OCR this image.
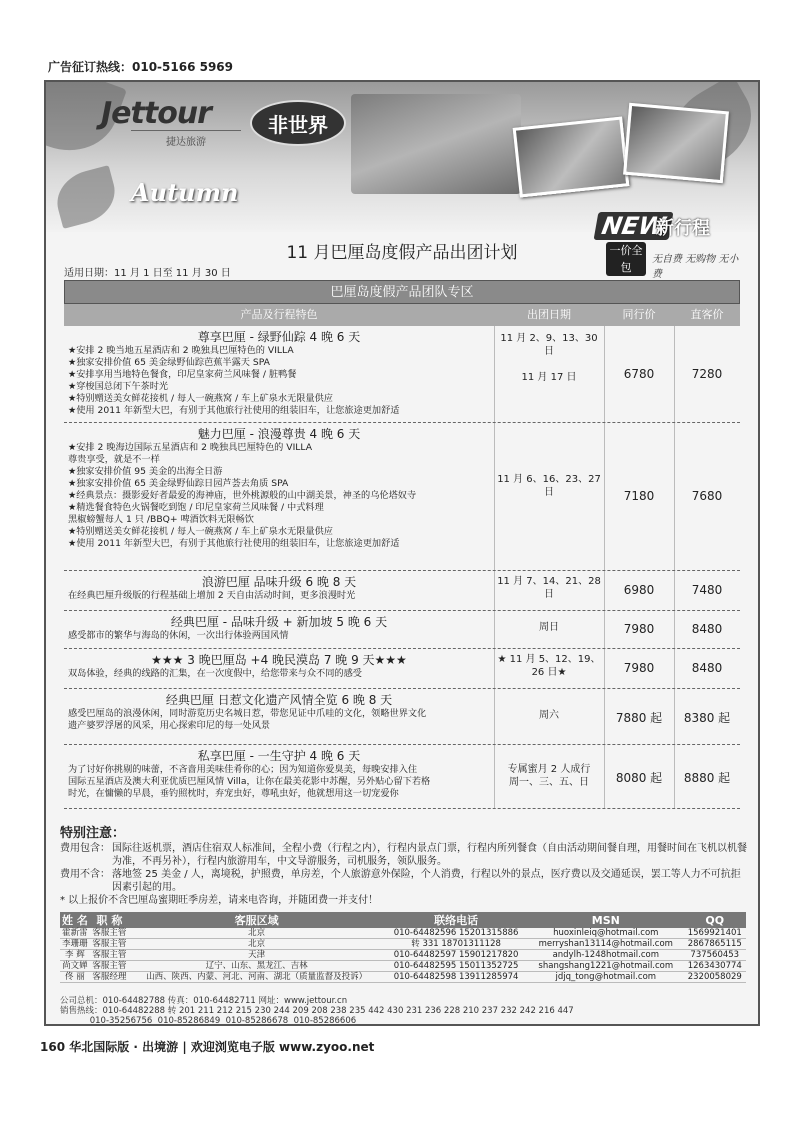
广告征订热线：010-5166 5969
Jettour
捷达旅游
Autumn
非世界
11 月巴厘岛度假产品出团计划
适用日期：11 月 1 日至 11 月 30 日
NEW
新行程
一价全包
无自费 无购物 无小费
巴厘岛度假产品团队专区
产品及行程特色	出团日期	同行价	直客价
尊享巴厘 - 绿野仙踪 4 晚 6 天
★安排 2 晚当地五星酒店和 2 晚独具巴厘特色的 VILLA
★独家安排价值 65 美金绿野仙踪芭蕉半露天 SPA
★安排享用当地特色餐食，印尼皇家荷兰风味餐 / 脏鸭餐
★穿梭国总闭下午茶时光
★特别赠送美女鲜花接机 / 每人一碗燕窝 / 车上矿泉水无限量供应
★使用 2011 年新型大巴，有别于其他旅行社使用的组装旧车，让您旅途更加舒适
11 月 2、9、13、30 日

11 月 17 日	6780	7280
魅力巴厘 - 浪漫尊贵 4 晚 6 天
★安排 2 晚海边国际五星酒店和 2 晚独具巴厘特色的 VILLA
尊贵享受，就是不一样
★独家安排价值 95 美金的出海全日游
★独家安排价值 65 美金绿野仙踪日园芦荟去角质 SPA
★经典景点：摄影爱好者最爱的海神庙，世外桃源般的山中湖美景，神圣的乌伦塔奴寺
★精选餐食特色火锅餐吃到饱 / 印尼皇家荷兰风味餐 / 中式料理
黑椒螃蟹每人 1 只 /BBQ+ 啤酒饮料无限畅饮
★特别赠送美女鲜花接机 / 每人一碗燕窝 / 车上矿泉水无限量供应
★使用 2011 年新型大巴，有别于其他旅行社使用的组装旧车，让您旅途更加舒适
11 月 6、16、23、27 日	7180	7680
浪游巴厘 品味升级 6 晚 8 天
在经典巴厘升级版的行程基础上增加 2 天自由活动时间，更多浪漫时光
11 月 7、14、21、28 日	6980	7480
经典巴厘 - 品味升级 + 新加坡 5 晚 6 天
感受都市的繁华与海岛的休闲，一次出行体验两国风情
周日	7980	8480
★★★ 3 晚巴厘岛 +4 晚民漠岛 7 晚 9 天★★★
双岛体验，经典的线路的汇集，在一次度假中，给您带来与众不同的感受
★ 11 月 5、12、19、26 日★	7980	8480
经典巴厘 日惹文化遗产风情全览 6 晚 8 天
感受巴厘岛的浪漫休闲，同时游览历史名城日惹，带您见证中爪哇的文化，领略世界文化
遗产婆罗浮屠的风采，用心探索印尼的每一处风景
周六	7880 起	8380 起
私享巴厘 - 一生守护 4 晚 6 天
为了讨好你挑剔的味蕾，不吝啬用美味佳肴你的心；因为知道你爱臭美，每晚安排入住
国际五星酒店及澳大利亚优质巴厘风情 Villa，让你在最美花影中苏醒，另外贴心留下若格
时光，在慵懒的早晨，垂钓照枕时，弃宠虫好，尊吼虫好，他就想用这一切宠爱你
专属蜜月 2 人成行
周一、三、五、日	8080 起	8880 起
特别注意：
费用包含： 国际往返机票，酒店住宿双人标准间，全程小费（行程之内），行程内景点门票，行程内所列餐食（自由活动期间餐自理，用餐时间在飞机以机餐为准，不再另补），行程内旅游用车，中文导游服务，司机服务，领队服务。
费用不含： 落地签 25 美金 / 人，离境税，护照费，单房差，个人旅游意外保险，个人消费，行程以外的景点，医疗费以及交通延误，罢工等人力不可抗拒因素引起的用。
* 以上报价不含巴厘岛蜜期旺季房差，请来电咨询，并随团费一并支付！
姓 名	职 称	客服区域	联络电话	MSN	QQ
霍新雷	客服主管	北京	010-64482596 15201315886	huoxinleiq@hotmail.com	1569921401
李珊珊	客服主管	北京	转 331 18701311128	merryshan13114@hotmail.com	2867865115
李 辉	客服主管	天津	010-64482597 15901217820	andylh-1248hotmail.com	737560453
尚文婵	客服主管	辽宁、山东、黑龙江、吉林	010-64482595 15011352725	shangshang1221@hotmail.com	1263430774
佟 丽	客服经理	山西、陕西、内蒙、河北、河南、湖北（质量监督及投诉）	010-64482598 13911285974	jdjq_tong@hotmail.com	2320058029
公司总机：010-64482788 传真：010-64482711 网址：www.jettour.cn
销售热线：010-64482288 转 201 211 212 215 230 244 209 208 238 235 442 430 231 236 228 210 237 232 242 216 447
010-35256756  010-85286849  010-85286678  010-85286606
160 华北国际版 · 出境游 | 欢迎浏览电子版 www.zyoo.net
